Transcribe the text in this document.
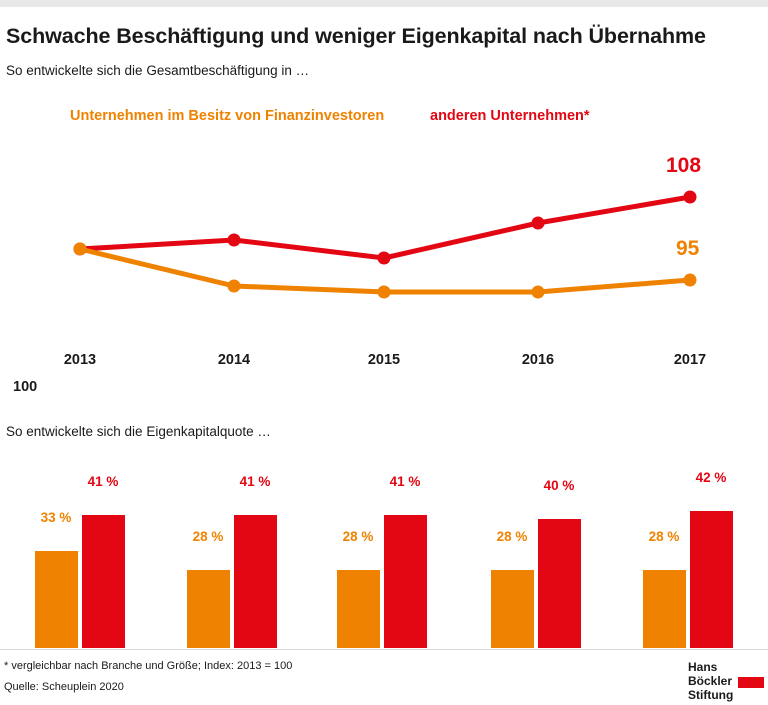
Schwache Beschäftigung und weniger Eigenkapital nach Übernahme
So entwickelte sich die Gesamtbeschäftigung in …
Unternehmen im Besitz von Finanzinvestoren	anderen Unternehmen*
100
108
95
2013	2014	2015	2016	2017
So entwickelte sich die Eigenkapitalquote …
33 %
41 %
28 %
41 %
28 %
41 %
28 %
40 %
28 %
42 %
* vergleichbar nach Branche und Größe; Index: 2013 = 100
Quelle: Scheuplein 2020
Hans Böckler
Stiftung
